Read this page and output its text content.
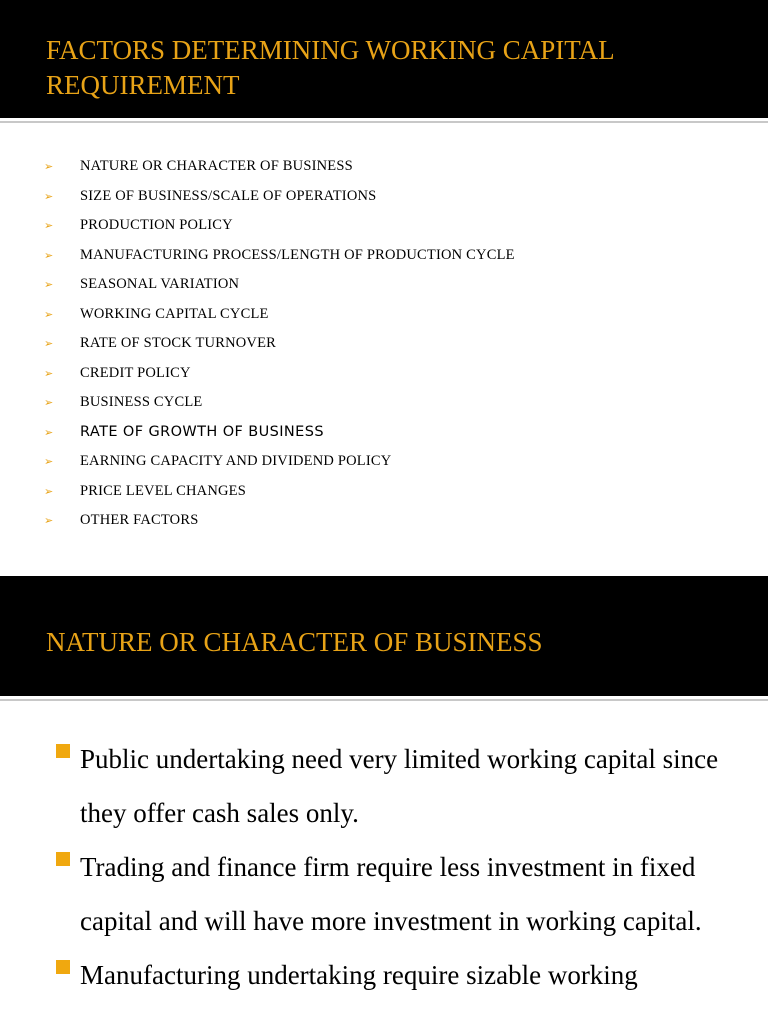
FACTORS DETERMINING WORKING CAPITAL REQUIREMENT
➢ NATURE OR CHARACTER OF BUSINESS
➢ SIZE OF BUSINESS/SCALE OF OPERATIONS
➢ PRODUCTION POLICY
➢ MANUFACTURING PROCESS/LENGTH OF PRODUCTION CYCLE
➢ SEASONAL VARIATION
➢ WORKING CAPITAL CYCLE
➢ RATE OF STOCK TURNOVER
➢ CREDIT POLICY
➢ BUSINESS CYCLE
➢ RATE OF GROWTH OF BUSINESS
➢ EARNING CAPACITY AND DIVIDEND POLICY
➢ PRICE LEVEL CHANGES
➢ OTHER FACTORS
NATURE OR CHARACTER OF BUSINESS
Public undertaking need very limited working capital since they offer cash sales only.
Trading and finance firm require less investment in fixed capital and will have more investment in working capital.
Manufacturing undertaking require sizable working
